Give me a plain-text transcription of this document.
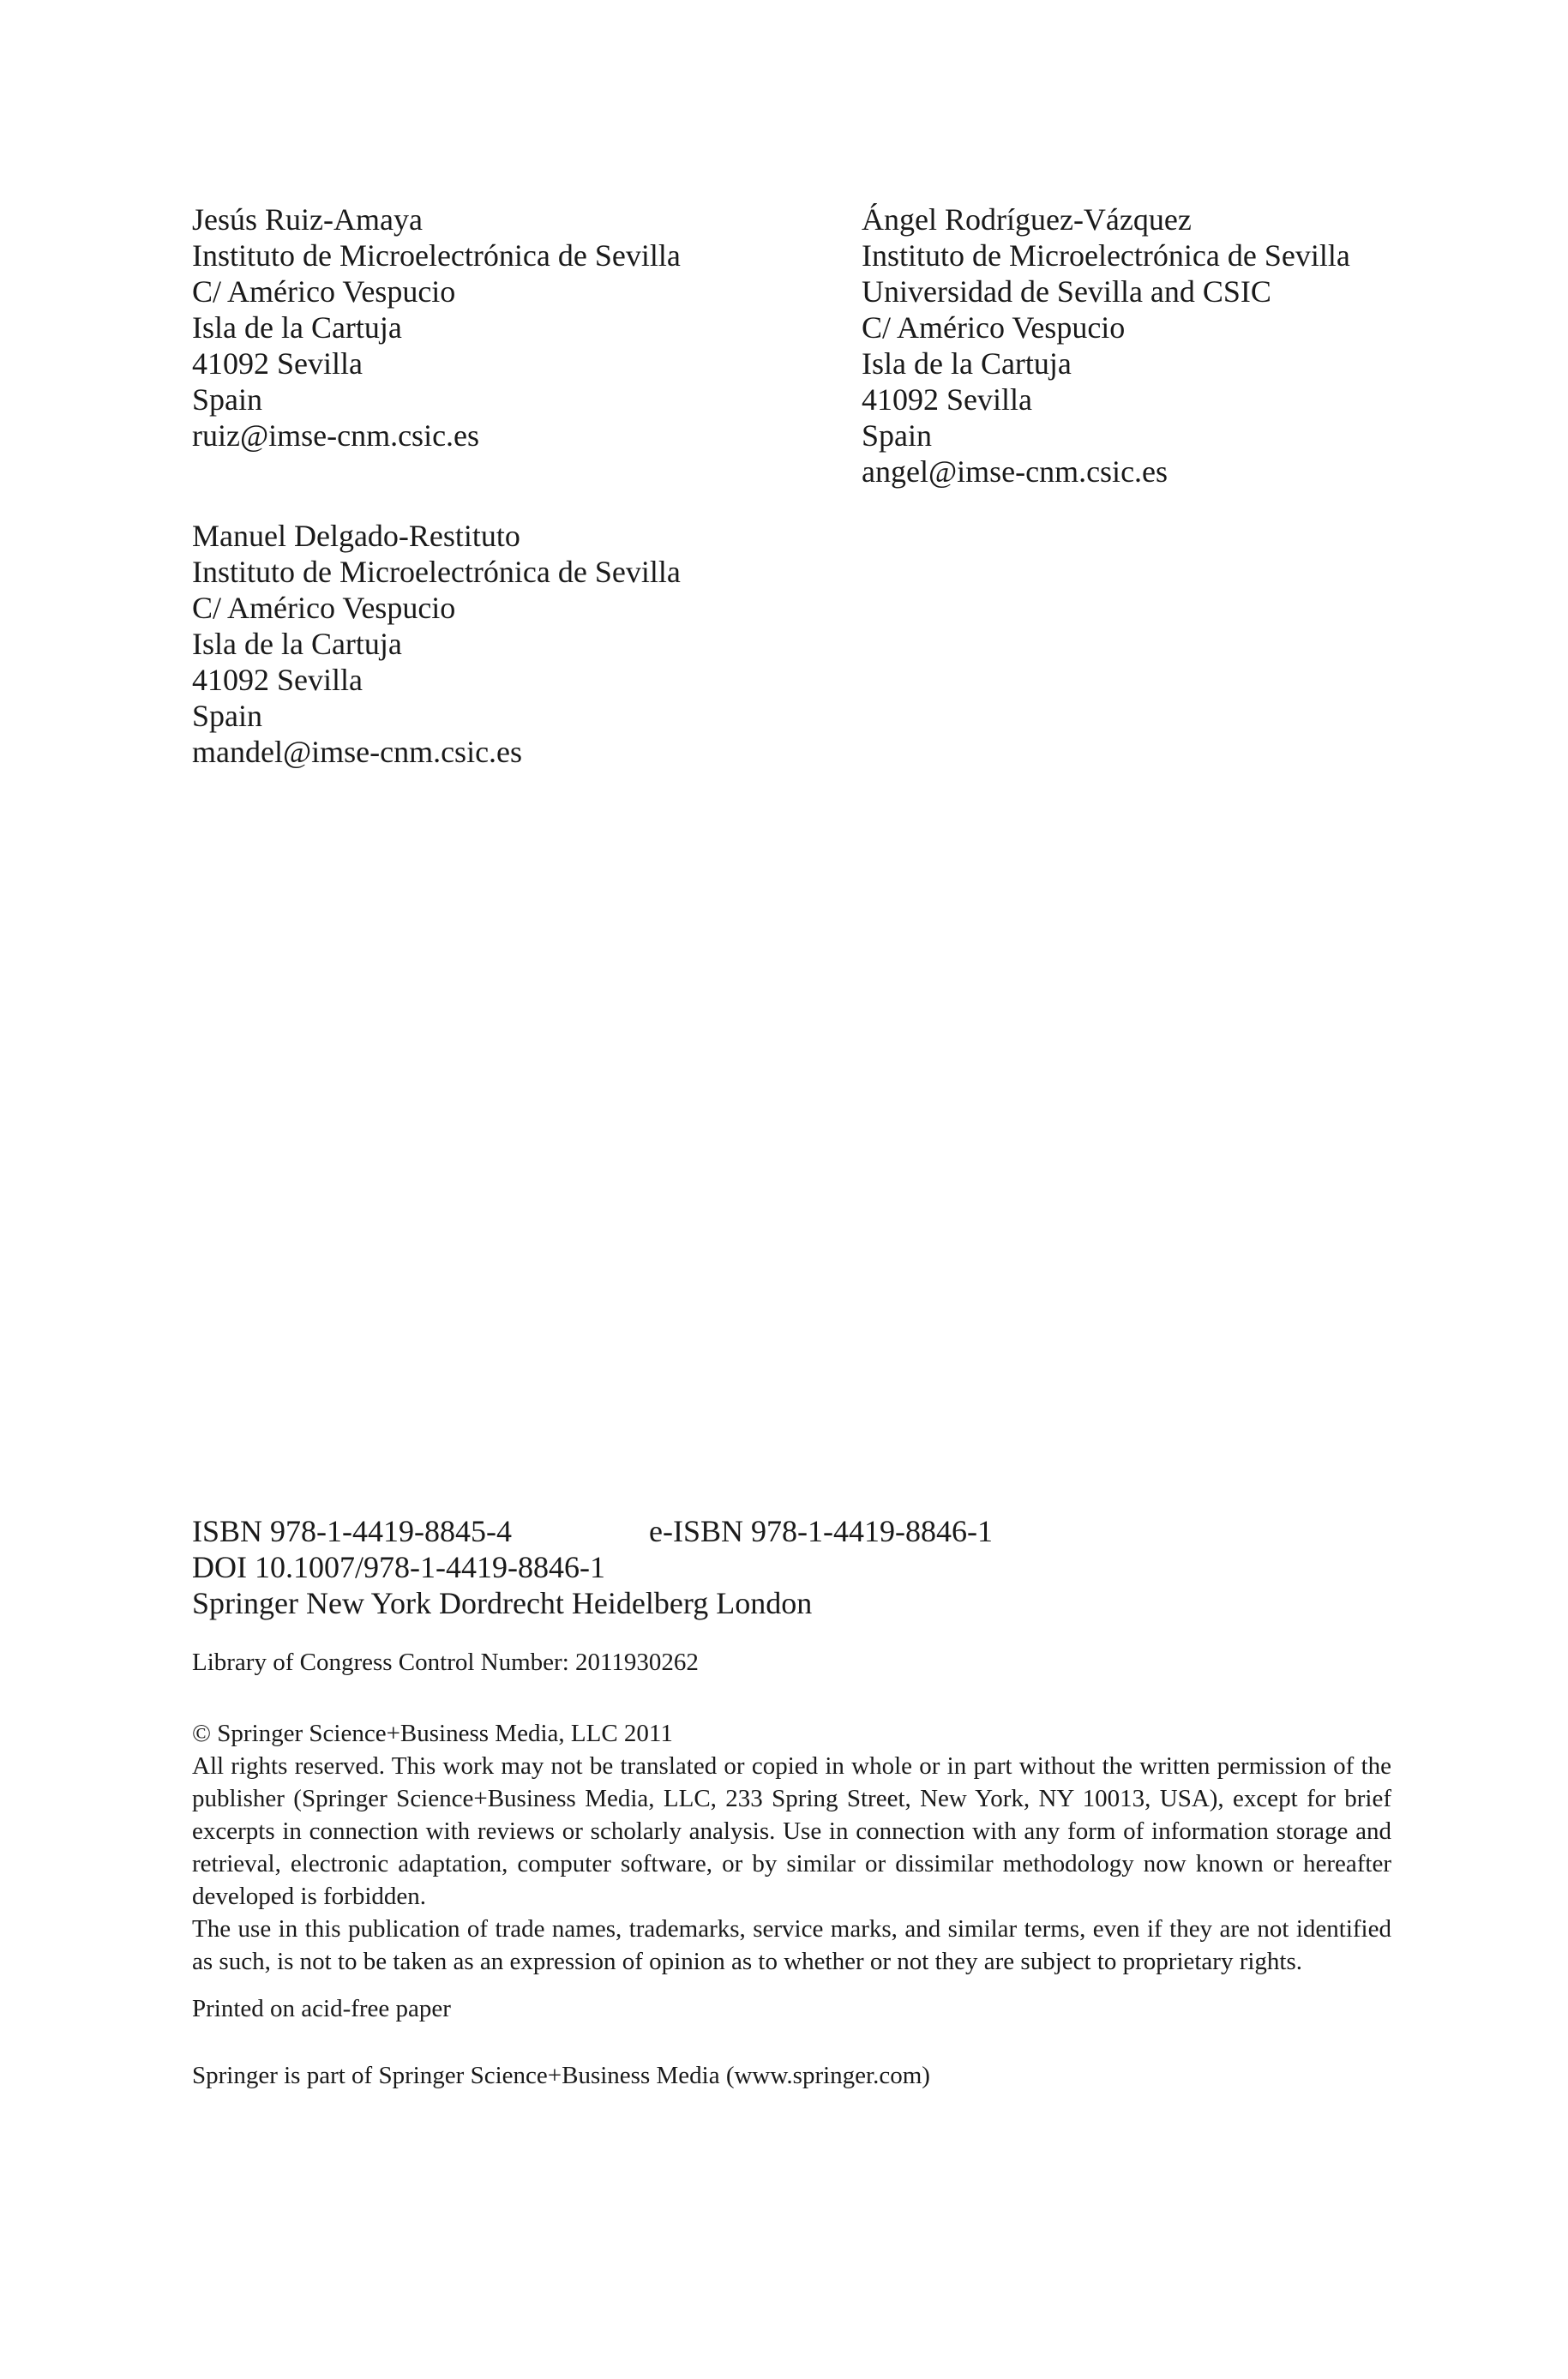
Jesús Ruiz-Amaya
Instituto de Microelectrónica de Sevilla
C/ Américo Vespucio
Isla de la Cartuja
41092 Sevilla
Spain
ruiz@imse-cnm.csic.es
Ángel Rodríguez-Vázquez
Instituto de Microelectrónica de Sevilla
Universidad de Sevilla and CSIC
C/ Américo Vespucio
Isla de la Cartuja
41092 Sevilla
Spain
angel@imse-cnm.csic.es
Manuel Delgado-Restituto
Instituto de Microelectrónica de Sevilla
C/ Américo Vespucio
Isla de la Cartuja
41092 Sevilla
Spain
mandel@imse-cnm.csic.es
ISBN 978-1-4419-8845-4	e-ISBN 978-1-4419-8846-1
DOI 10.1007/978-1-4419-8846-1
Springer New York Dordrecht Heidelberg London
Library of Congress Control Number: 2011930262

© Springer Science+Business Media, LLC 2011

All rights reserved. This work may not be translated or copied in whole or in part without the written permission of the publisher (Springer Science+Business Media, LLC, 233 Spring Street, New York, NY 10013, USA), except for brief excerpts in connection with reviews or scholarly analysis. Use in connection with any form of information storage and retrieval, electronic adaptation, computer software, or by similar or dissimilar methodology now known or hereafter developed is forbidden.

The use in this publication of trade names, trademarks, service marks, and similar terms, even if they are not identified as such, is not to be taken as an expression of opinion as to whether or not they are subject to proprietary rights.

Printed on acid-free paper
Springer is part of Springer Science+Business Media (www.springer.com)
